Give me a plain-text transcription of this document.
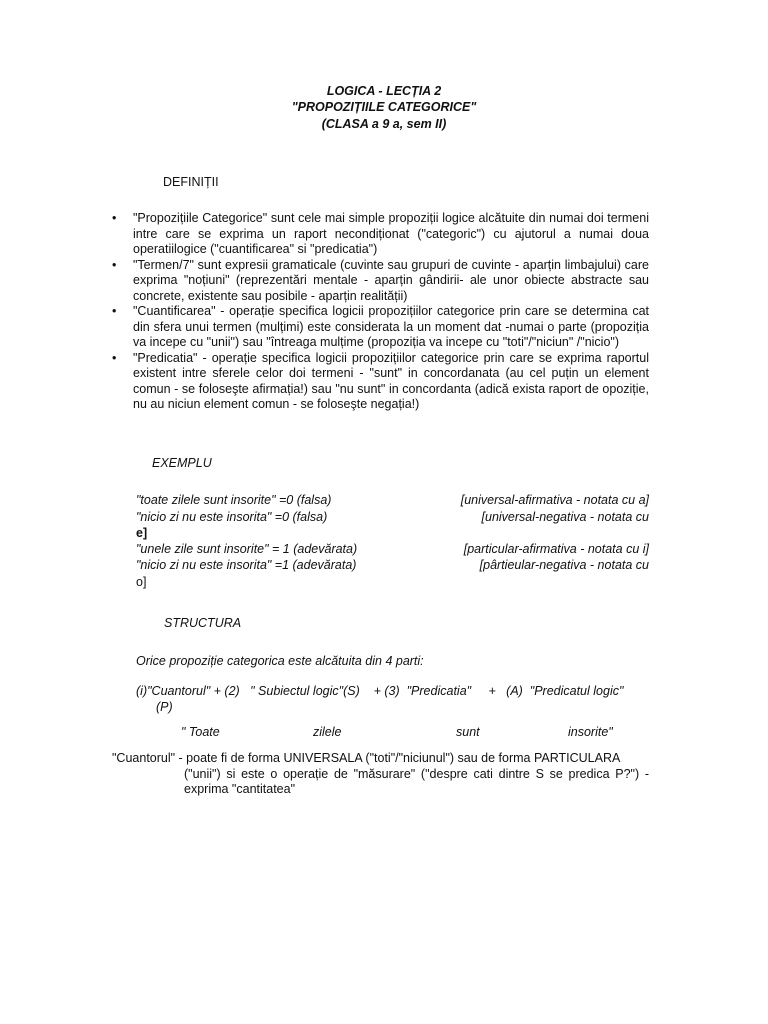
LOGICA - LECȚIA 2
"PROPOZIȚIILE CATEGORICE"
(CLASA a 9 a, sem II)
DEFINIȚII
• "Propozițiile Categorice" sunt cele mai simple propoziții logice alcătuite din numai doi termeni intre care se exprima un raport necondiționat ("categoric") cu ajutorul a numai doua operatiilogice ("cuantificarea" si "predicatia")
• "Termen/7" sunt expresii gramaticale (cuvinte sau grupuri de cuvinte - aparțin limbajului) care exprima "noțiuni" (reprezentări mentale - aparțin gândirii- ale unor obiecte abstracte sau concrete, existente sau posibile - aparțin realității)
• "Cuantificarea" - operație specifica logicii propozițiilor categorice prin care se determina cat din sfera unui termen (mulțimi) este considerata la un moment dat -numai o parte (propoziția va incepe cu "unii") sau "întreaga mulțime (propoziția va incepe cu "toti"/"niciun" /"nicio")
• "Predicatia" - operație specifica logicii propozițiilor categorice prin care se exprima raportul existent intre sferele celor doi termeni - "sunt" in concordanata (au cel puțin un element comun - se foloseşte afirmația!) sau "nu sunt" in concordanta (adică exista raport de opoziție, nu au niciun element comun - se foloseşte negația!)
EXEMPLU
"toate zilele sunt insorite" =0 (falsa)	[universal-afirmativa - notata cu a]
"nicio zi nu este insorita" =0 (falsa)	[universal-negativa - notata cu
e]
"unele zile sunt insorite" = 1 (adevărata)	[particular-afirmativa - notata cu i]
"nicio zi nu este insorita" =1 (adevărata)	[pârtieular-negativa - notata cu
o]
STRUCTURA
Orice propoziție categorica este alcătuita din 4 parti:
(i)"Cuantorul" + (2)   " Subiectul logic"(S)    + (3)  "Predicatia"     +   (A)  "Predicatul logic"
(P)
" Toate	zilele	sunt	insorite"
"Cuantorul" - poate fi de forma UNIVERSALA ("toti"/"niciunul") sau de forma PARTICULARA
("unii") si este o operație de "măsurare" ("despre cati dintre S se predica P?") - exprima "cantitatea"
